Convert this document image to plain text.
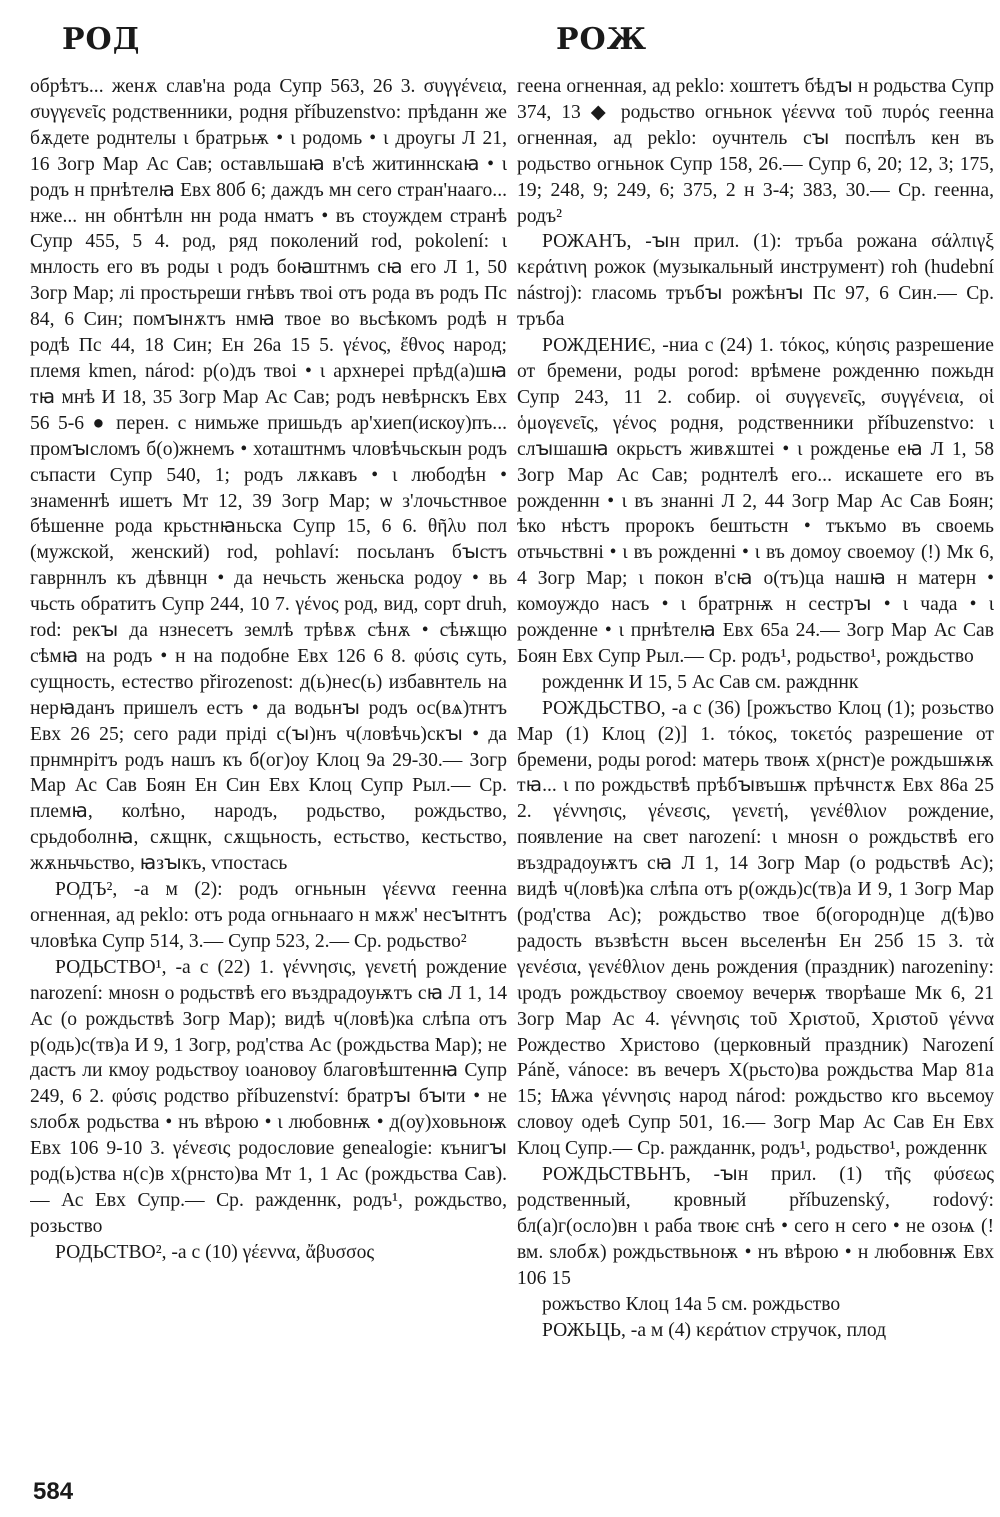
РОД	РОЖ

обрѣтъ... женѫ слав'на рода Супр 563, 26 3. συγγένεια, συγγενεῖς родственники, родня příbuzenstvo: прѣданн же бѫдете роднтелы ι братрьѭ • ι родомь • ι дроугы Л 21, 16 Зогр Мар Ас Сав; оставльшаꙗ в'сѣ житиннскаꙗ • ι родъ н прнѣтелꙗ Евх 80б 6; даждъ мн сего стран'нааго... нже... нн обнтѣлн нн рода нматъ • въ стоуждем странѣ Супр 455, 5 4. род, ряд поколений rod, pokolení: ι мнлость его въ роды ι родъ боꙗштнмъ сꙗ его Л 1, 50 Зогр Мар; лі простьреши гнѣвъ твоі отъ рода въ родъ Пс 84, 6 Син; помꙑнѫтъ нмꙗ твое во вьсѣкомъ родѣ н родѣ Пс 44, 18 Син; Ен 26а 15 5. γένος, ἔθνος народ; племя kmen, národ: р(о)дъ твоі • ι архнереі прѣд(а)шꙗ тꙗ мнѣ И 18, 35 Зогр Мар Ас Сав; родъ невѣрнскъ Евх 56 5-6 ● перен. с нимьже пришьдъ ар'хиеп(искоу)пъ... промꙑсломъ б(о)жнемъ • хоташтнмъ чловѣчьскын родъ съпасти Супр 540, 1; родъ лѫкавъ • ι любодѣн • знаменнѣ ишетъ Мт 12, 39 Зогр Мар; ѡ з'лочьстнвое бѣшенне рода крьстнꙗньска Супр 15, 6 6. θῆλυ пол (мужской, женский) rod, pohlaví: посьланъ бꙑстъ гаврннлъ къ дѣвнцн • да нечьсть женьска родоу • вь чьсть обратитъ Супр 244, 10 7. γένος род, вид, сорт druh, rod: рекꙑ да нзнесетъ землѣ трѣвѫ сѣнѫ • сѣѭщю сѣмꙗ на родъ • н на подобне Евх 126 6 8. φύσις суть, сущность, естество přirozenost: д(ь)нес(ь) избавнтель на нерꙗданъ пришелъ естъ • да водьнꙑ родъ ос(вѧ)тнтъ Евх 26 25; сего ради пріді с(ꙑ)нъ ч(ловѣчь)скꙑ • да прнмнрітъ родъ нашъ къ б(ог)оу Клоц 9а 29-30.— Зогр Мар Ас Сав Боян Ен Син Евх Клоц Супр Рыл.— Ср. племꙗ, колѣно, народъ, родьство, рождьство, срьдоболнꙗ, сѫщнк, сѫщьность, естьство, кестьство, жѫньчьство, ꙗзꙑкъ, ѵпостась

РОДЪ², -а м (2): родъ огньнын γέεννα геенна огненная, ад peklo: отъ рода огньнааго н мѫж' несꙑтнтъ чловѣка Супр 514, 3.— Супр 523, 2.— Ср. родьство²

РОДЬСТВО¹, -а с (22) 1. γέννησις, γενετή рождение narození: мноѕн о родьствѣ его въздрадоуѭтъ сꙗ Л 1, 14 Ас (о рождьствѣ Зогр Мар); видѣ ч(ловѣ)ка слѣпа отъ р(одь)с(тв)а И 9, 1 Зогр, род'ства Ас (рождьства Мар); не дастъ ли кмоу родьствоу ιоановоу благовѣштеннꙗ Супр 249, 6 2. φύσις родство příbuzenství: братрꙑ бꙑти • не ѕлобѫ родьства • нъ вѣрою • ι любовнѭ • д(оу)ховьноѭ Евх 106 9-10 3. γένεσις родословие genealogie: кънигꙑ род(ь)ства н(с)в х(рнсто)ва Мт 1, 1 Ас (рождьства Сав).— Ас Евх Супр.— Ср. ражденнк, родъ¹, рождьство, розьство

РОДЬСТВО², -а с (10) γέεννα, ἄβυσσος

геена огненная, ад peklo: хоштетъ бѣдꙑ н родьства Супр 374, 13 ◆ родьство огньнок γέεννα τοῦ πυρός геенна огненная, ад peklo: оучнтель сꙑ поспѣлъ кен въ родьство огньнок Супр 158, 26.— Супр 6, 20; 12, 3; 175, 19; 248, 9; 249, 6; 375, 2 н 3-4; 383, 30.— Ср. геенна, родъ²

РОЖАНЪ, -ꙑн прил. (1): тръба рожана σάλπιγξ κεράτινη рожок (музыкальный инструмент) roh (hudební nástroj): гласомь тръбꙑ рожѣнꙑ Пс 97, 6 Син.— Ср. тръба

РОЖДЕНИЄ, -ниа с (24) 1. τόκος, κύησις разрешение от бремени, роды porod: врѣмене рожденню пожьдн Супр 243, 11 2. собир. οἱ συγγενεῖς, συγγένεια, οἱ ὁμογενεῖς, γένος родня, родственники příbuzenstvo: ι слꙑшашꙗ окрьстъ живѫштеі • ι рожденье еꙗ Л 1, 58 Зогр Мар Ас Сав; роднтелѣ его... искашете его въ рожденнн • ι въ знанні Л 2, 44 Зогр Мар Ас Сав Боян; ѣко нѣстъ пророкъ бештьстн • тъкъмо въ своемь отьчьствні • ι въ рожденні • ι въ домоу своемоу (!) Мк 6, 4 Зогр Мар; ι покон в'сꙗ о(тъ)ца нашꙗ н матерн • комоуждо насъ • ι братрнѭ н сестрꙑ • ι чада • ι рожденне • ι прнѣтелꙗ Евх 65а 24.— Зогр Мар Ас Сав Боян Евх Супр Рыл.— Ср. родъ¹, родьство¹, рождьство

рожденнк И 15, 5 Ас Сав см. раждннк

РОЖДЬСТВО, -а с (36) [рожъство Клоц (1); розьство Мар (1) Клоц (2)] 1. τόκος, τοκετός разрешение от бремени, роды porod: матерь твоѭ х(рнст)е рождьшѭѭ тꙗ... ι по рождьствѣ прѣбꙑвъшѭ прѣчнстѫ Евх 86а 25 2. γέννησις, γένεσις, γενετή, γενέθλιον рождение, появление на свет narození: ι мноѕн о рождьствѣ его въздрадоуѭтъ сꙗ Л 1, 14 Зогр Мар (о родьствѣ Ас); видѣ ч(ловѣ)ка слѣпа отъ р(ождь)с(тв)а И 9, 1 Зогр Мар (род'ства Ас); рождьство твое б(огородн)це д(ѣ)во радость възвѣстн вьсен вьселенѣн Ен 25б 15 3. τὰ γενέσια, γενέθλιον день рождения (праздник) narozeniny: ιродъ рождьствоу своемоу вечерѭ творѣаше Мк 6, 21 Зогр Мар Ас 4. γέννησις τοῦ Χριστοῦ, Χριστοῦ γέννα Рождество Христово (церковный праздник) Narození Páně, vánoce: въ вечеръ Х(рьсто)ва рождьства Мар 81а 15; Ѩжа γέννησις народ národ: рождьство кго вьсемоу словоу одеѣ Супр 501, 16.— Зогр Мар Ас Сав Ен Евх Клоц Супр.— Ср. ражданнк, родъ¹, родьство¹, рожденнк

РОЖДЬСТВЬНЪ, -ꙑн прил. (1) τῆς φύσεως родственный, кровный příbuzenský, rodový: бл(а)г(осло)вн ι раба твоѥ снѣ • сего н сего • не озоѩ (! вм. ѕлобѫ) рождьствьноѭ • нъ вѣрою • н любовнѭ Евх 106 15

рожъство Клоц 14а 5 см. рождьство

РОЖЬЦЬ, -а м (4) κεράτιον стручок, плод

584
